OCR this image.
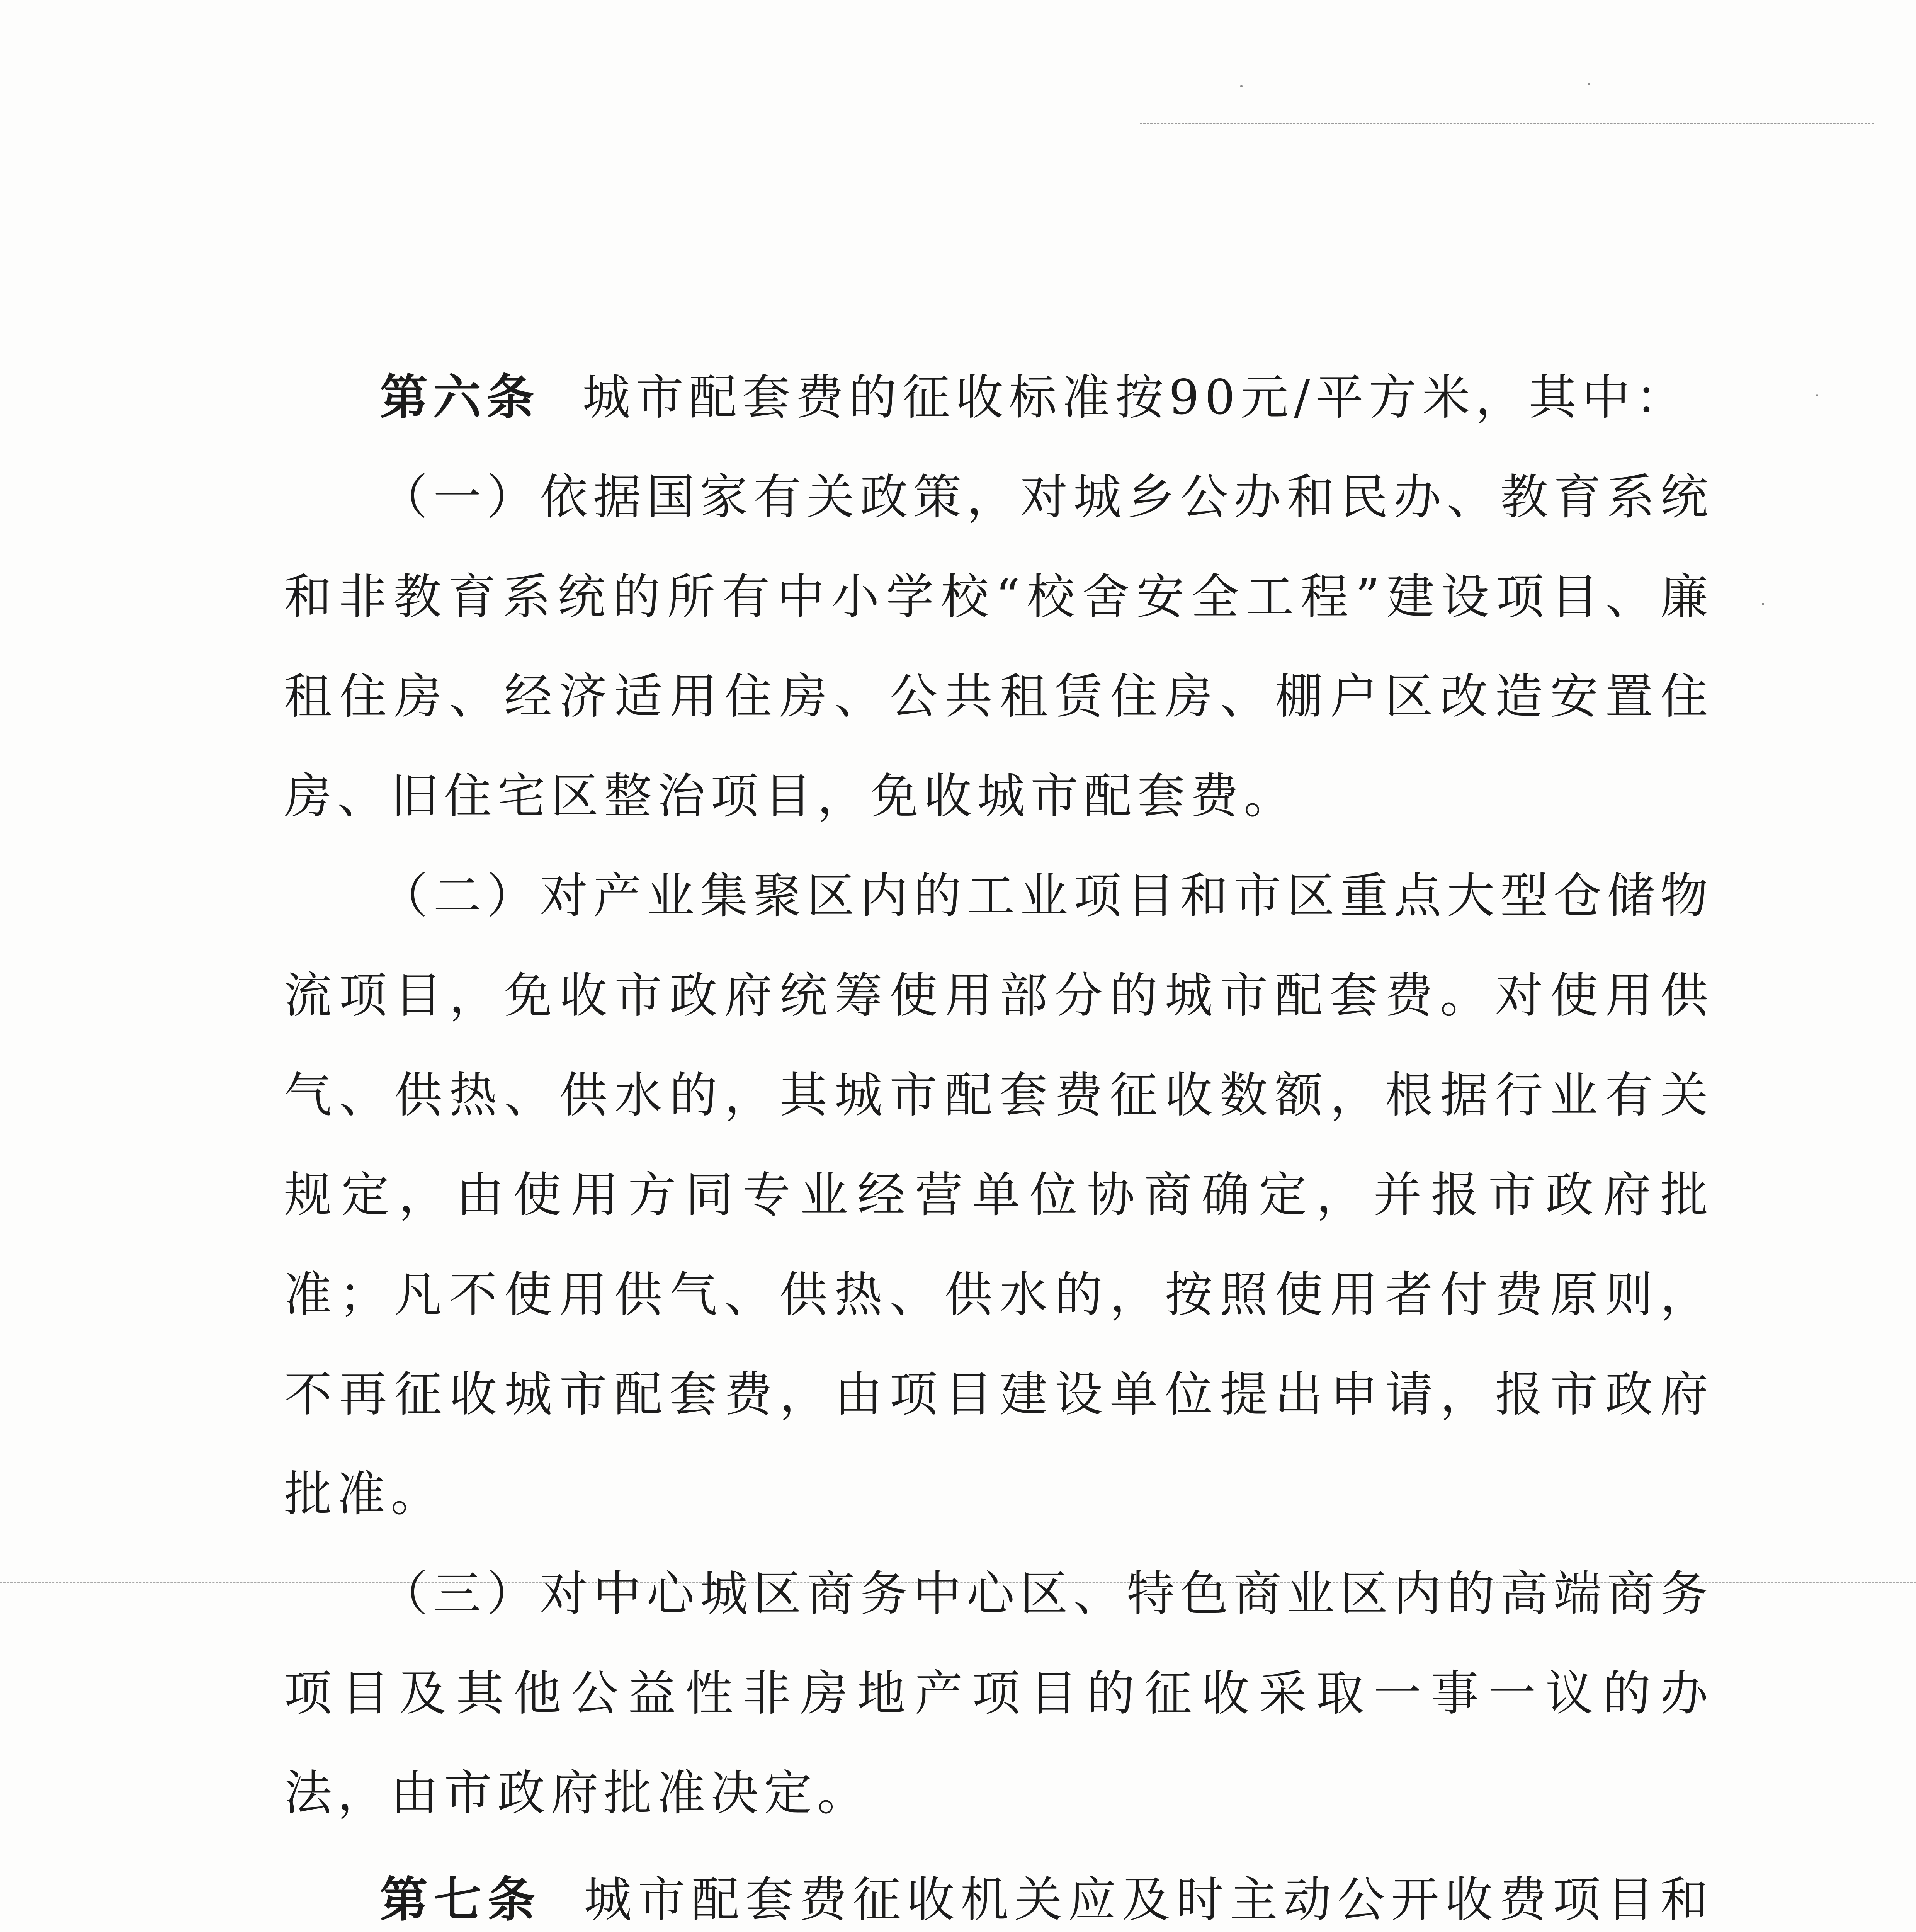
第六条 城市配套费的征收标准按90元/平方米，其中：

（一）依据国家有关政策，对城乡公办和民办、教育系统和非教育系统的所有中小学校“校舍安全工程”建设项目、廉租住房、经济适用住房、公共租赁住房、棚户区改造安置住房、旧住宅区整治项目，免收城市配套费。

（二）对产业集聚区内的工业项目和市区重点大型仓储物流项目，免收市政府统筹使用部分的城市配套费。对使用供气、供热、供水的，其城市配套费征收数额，根据行业有关规定，由使用方同专业经营单位协商确定，并报市政府批准；凡不使用供气、供热、供水的，按照使用者付费原则，不再征收城市配套费，由项目建设单位提出申请，报市政府批准。

（三）对中心城区商务中心区、特色商业区内的高端商务项目及其他公益性非房地产项目的征收采取一事一议的办法，由市政府批准决定。

第七条 城市配套费征收机关应及时主动公开收费项目和
